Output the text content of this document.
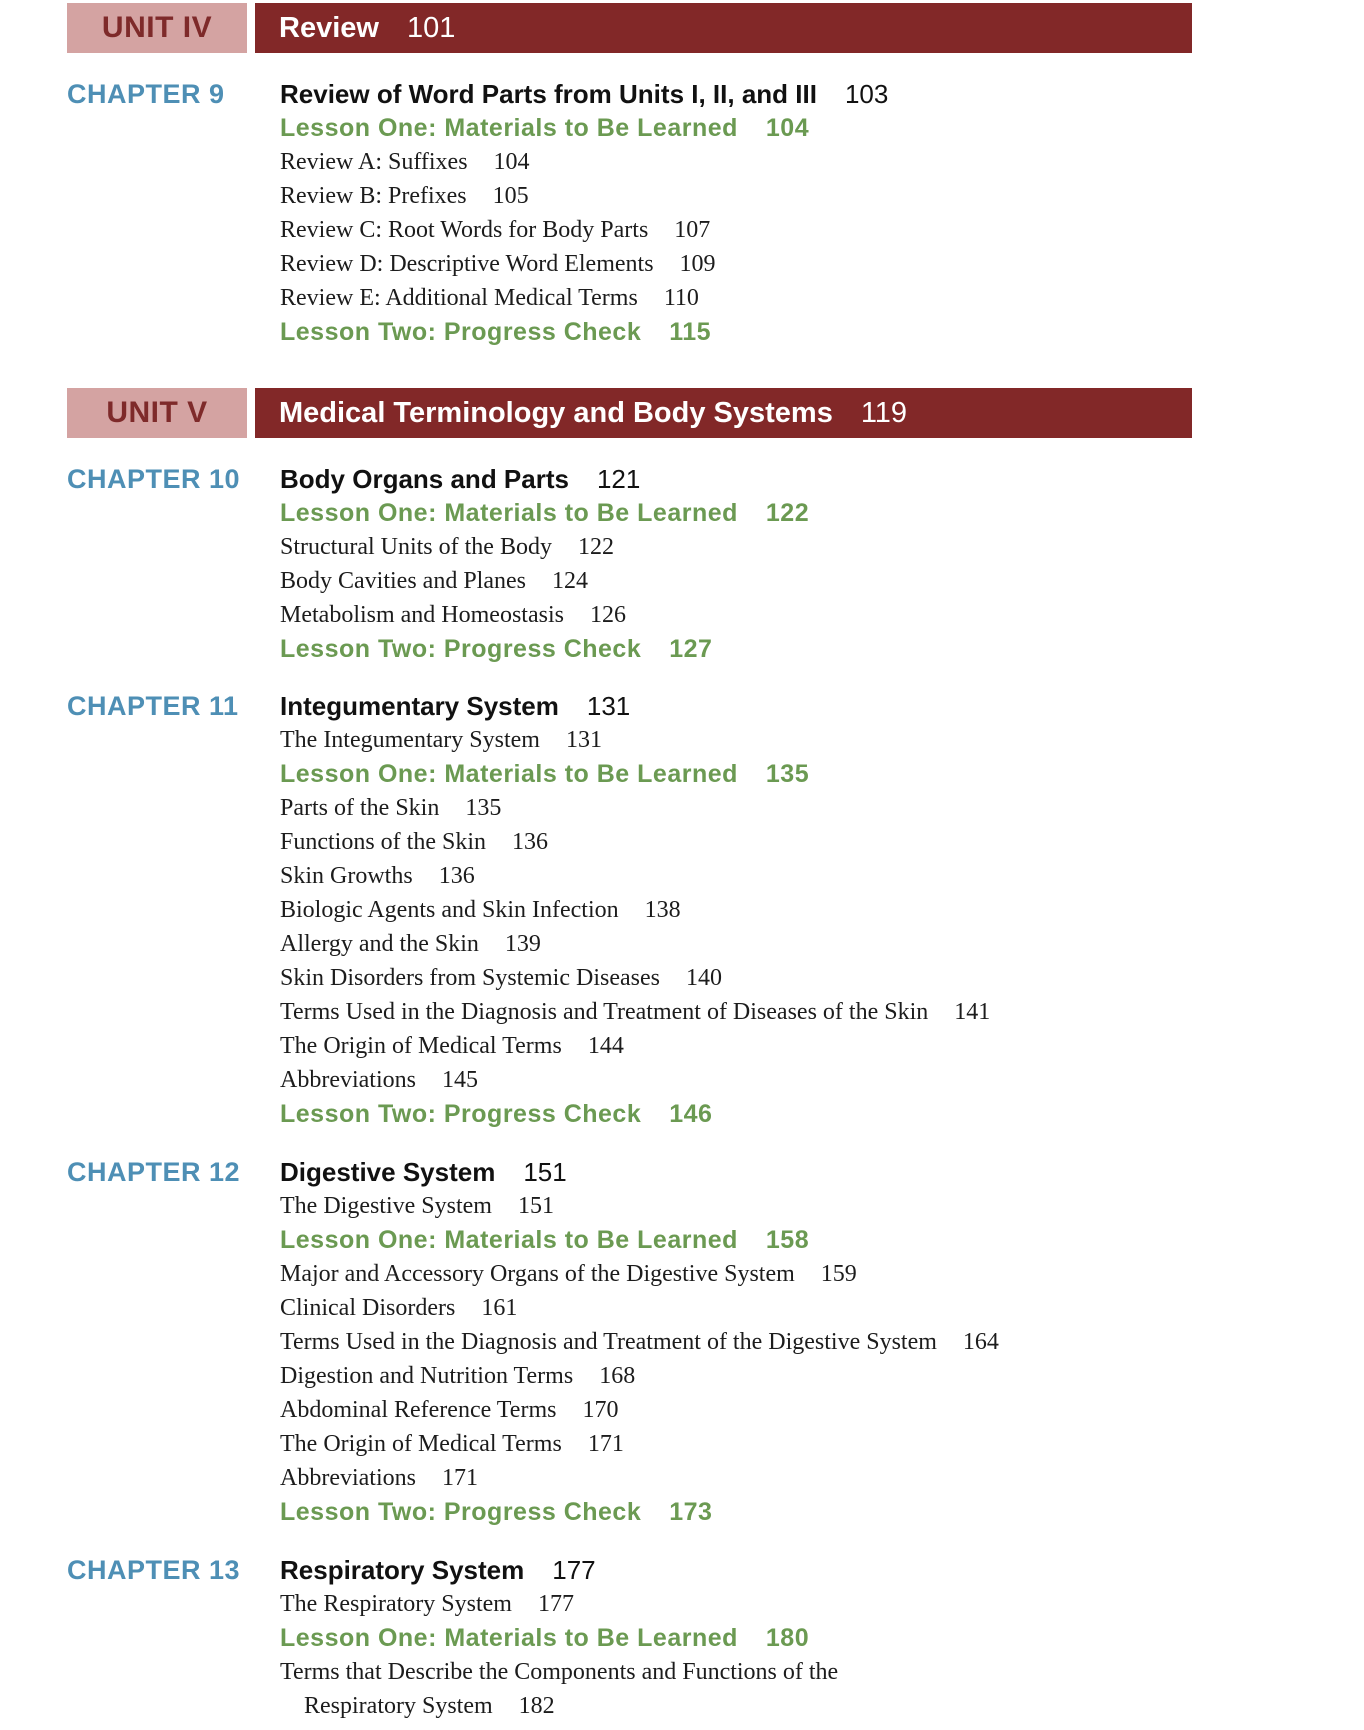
UNIT IV	Review 101
UNIT V	Medical Terminology and Body Systems 119
CHAPTER 9 Review of Word Parts from Units I, II, and III 103
Lesson One: Materials to Be Learned 104
Review A: Suffixes 104
Review B: Prefixes 105
Review C: Root Words for Body Parts 107
Review D: Descriptive Word Elements 109
Review E: Additional Medical Terms 110
Lesson Two: Progress Check 115
CHAPTER 10 Body Organs and Parts 121
Lesson One: Materials to Be Learned 122
Structural Units of the Body 122
Body Cavities and Planes 124
Metabolism and Homeostasis 126
Lesson Two: Progress Check 127
CHAPTER 11 Integumentary System 131
The Integumentary System 131
Lesson One: Materials to Be Learned 135
Parts of the Skin 135
Functions of the Skin 136
Skin Growths 136
Biologic Agents and Skin Infection 138
Allergy and the Skin 139
Skin Disorders from Systemic Diseases 140
Terms Used in the Diagnosis and Treatment of Diseases of the Skin 141
The Origin of Medical Terms 144
Abbreviations 145
Lesson Two: Progress Check 146
CHAPTER 12 Digestive System 151
The Digestive System 151
Lesson One: Materials to Be Learned 158
Major and Accessory Organs of the Digestive System 159
Clinical Disorders 161
Terms Used in the Diagnosis and Treatment of the Digestive System 164
Digestion and Nutrition Terms 168
Abdominal Reference Terms 170
The Origin of Medical Terms 171
Abbreviations 171
Lesson Two: Progress Check 173
CHAPTER 13 Respiratory System 177
The Respiratory System 177
Lesson One: Materials to Be Learned 180
Terms that Describe the Components and Functions of the
Respiratory System 182
